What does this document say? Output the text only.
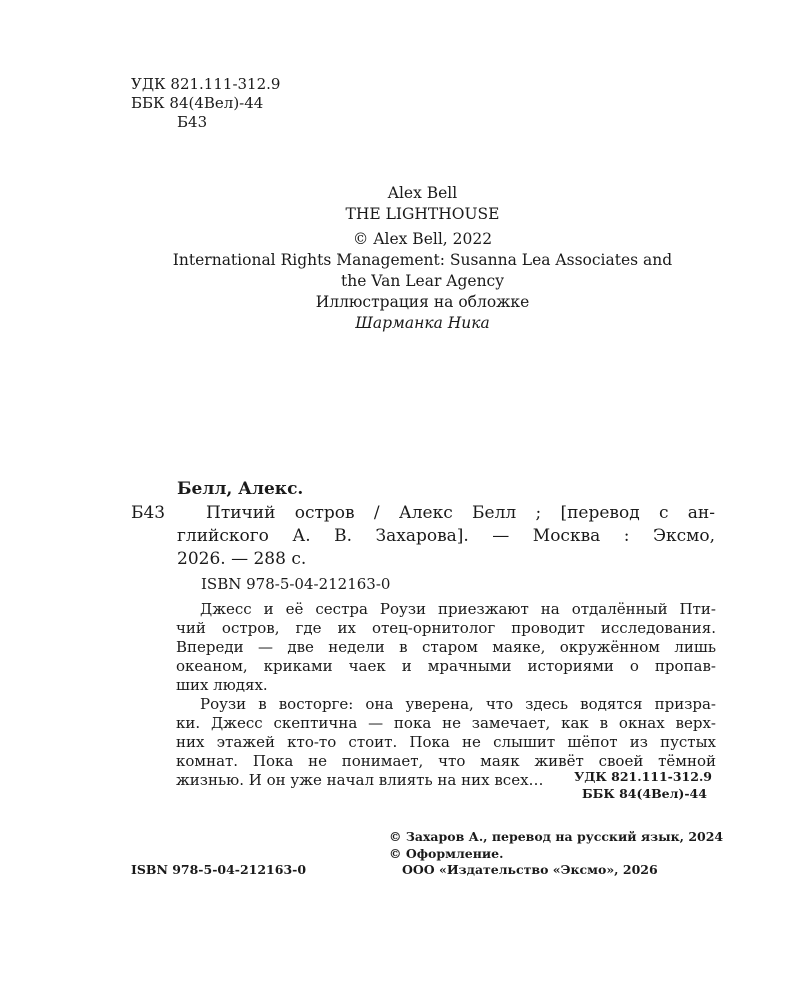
УДК 821.111-312.9
ББК 84(4Вел)-44
Б43
Alex Bell
THE LIGHTHOUSE
© Alex Bell, 2022
International Rights Management: Susanna Lea Associates and
the Van Lear Agency
Иллюстрация на обложке
Шарманка Ника
Белл, Алекс.
Б43 Птичий остров / Алекс Белл ; [перевод с ан-
глийского А. В. Захарова]. — Москва : Эксмо,
2026. — 288 с.
ISBN 978-5-04-212163-0
Джесс и её сестра Роузи приезжают на отдалённый Пти-
чий остров, где их отец-орнитолог проводит исследования.
Впереди — две недели в старом маяке, окружённом лишь
океаном, криками чаек и мрачными историями о пропав-
ших людях.
Роузи в восторге: она уверена, что здесь водятся призра-
ки. Джесс скептична — пока не замечает, как в окнах верх-
них этажей кто-то стоит. Пока не слышит шёпот из пустых
комнат. Пока не понимает, что маяк живёт своей тёмной
жизнью. И он уже начал влиять на них всех…	УДК 821.111-312.9
ББК 84(4Вел)-44
© Захаров А., перевод на русский язык, 2024
© Оформление.
ISBN 978-5-04-212163-0	ООО «Издательство «Эксмо», 2026
